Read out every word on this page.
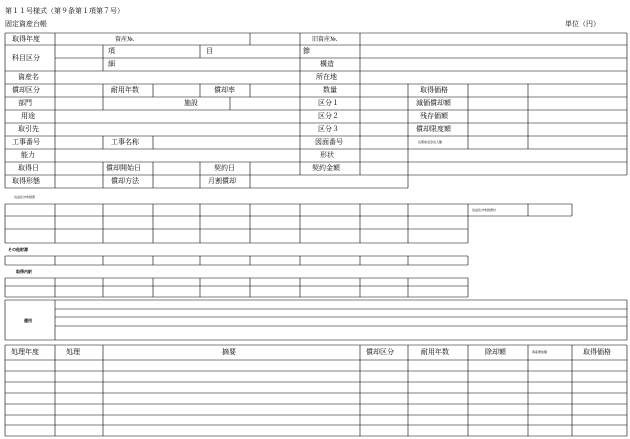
第１１号様式（第９条第１項第７号）
固定資産台帳	単位（円）
取得年度	資産№.	旧資産№.
科目区分
項	目	節
細	構造
資産名	所在地
償却区分	耐用年数	償却率	数量	取得価格
部門	施設	区分１	減価償却額
用途	区分２	残存価額
取引先	区分３	償却限度額
工事番号	工事名称	図面番号	長期前受金収入額
能力	形状
取得日	償却開始日	契約日	契約金額
取得形態	償却方法	月割償却
収益化対象財源
収益化対象財源計
その他財源
取得内訳
適用
処理年度	処理	摘要	償却区分	耐用年数	除却額	資産増加額	取得価格
